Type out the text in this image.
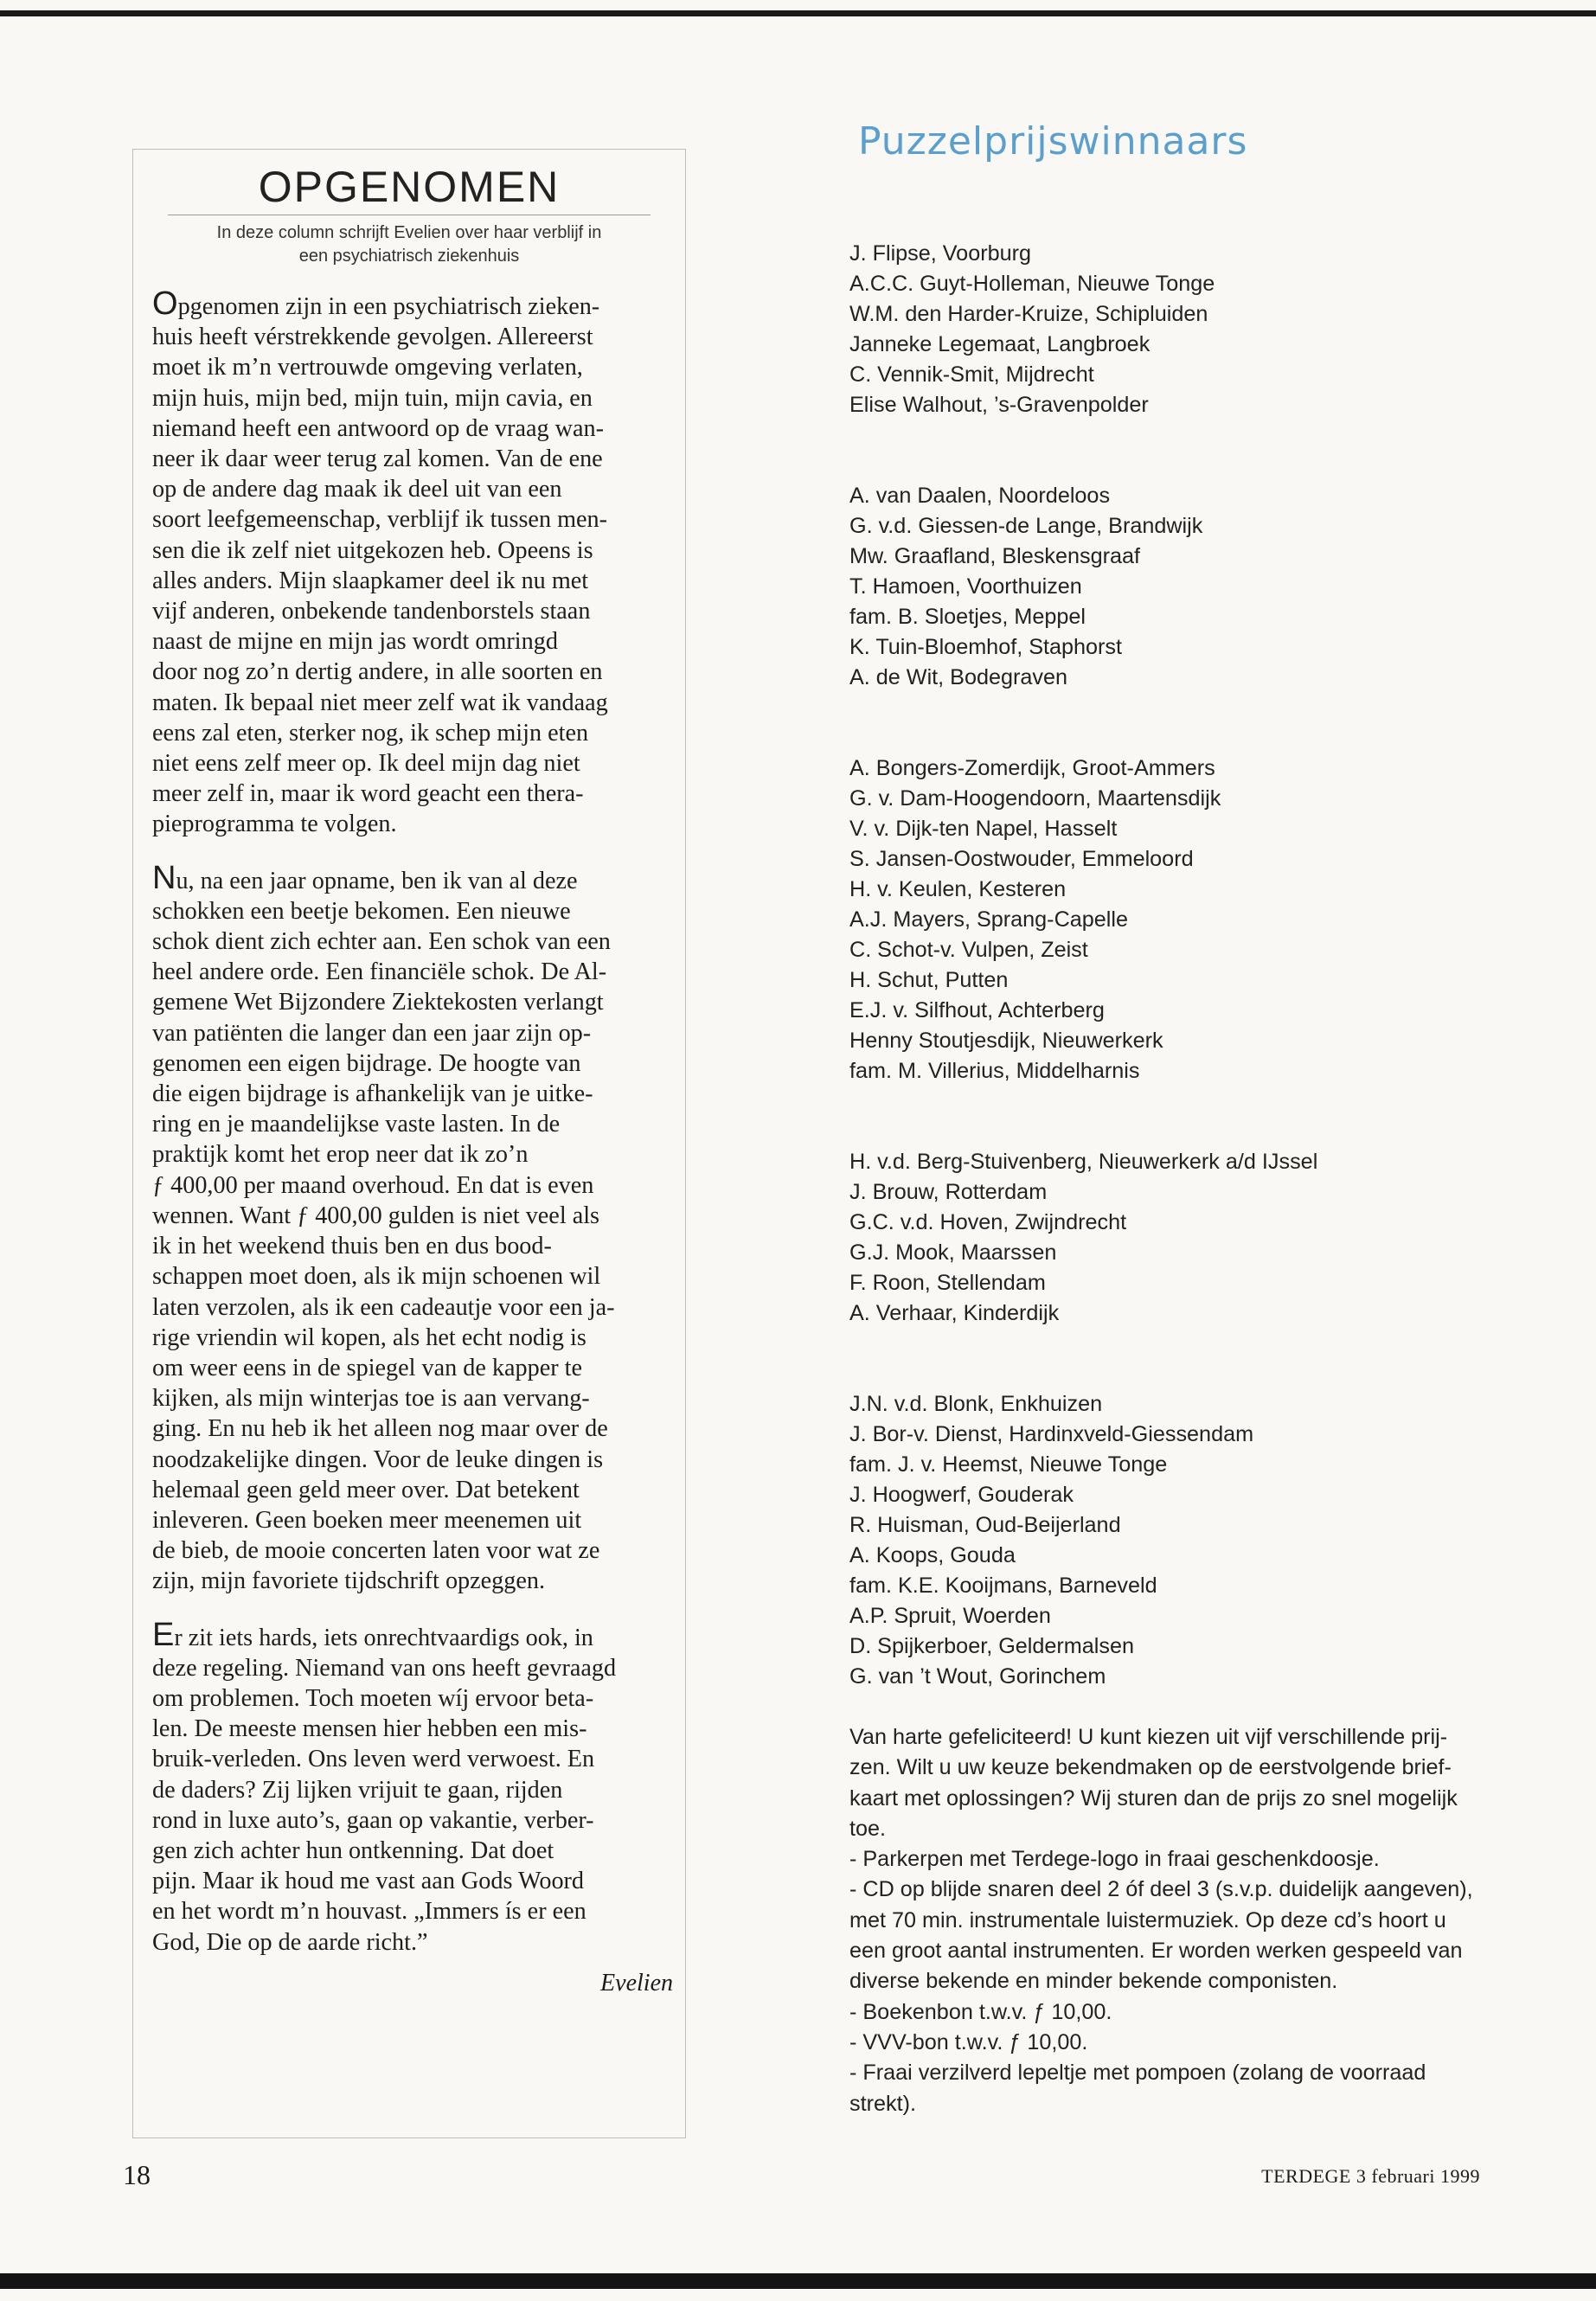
OPGENOMEN
In deze column schrijft Evelien over haar verblijf in
een psychiatrisch ziekenhuis
Opgenomen zijn in een psychiatrisch zieken-
huis heeft vérstrekkende gevolgen. Allereerst
moet ik m’n vertrouwde omgeving verlaten,
mijn huis, mijn bed, mijn tuin, mijn cavia, en
niemand heeft een antwoord op de vraag wan-
neer ik daar weer terug zal komen. Van de ene
op de andere dag maak ik deel uit van een
soort leefgemeenschap, verblijf ik tussen men-
sen die ik zelf niet uitgekozen heb. Opeens is
alles anders. Mijn slaapkamer deel ik nu met
vijf anderen, onbekende tandenborstels staan
naast de mijne en mijn jas wordt omringd
door nog zo’n dertig andere, in alle soorten en
maten. Ik bepaal niet meer zelf wat ik vandaag
eens zal eten, sterker nog, ik schep mijn eten
niet eens zelf meer op. Ik deel mijn dag niet
meer zelf in, maar ik word geacht een thera-
pieprogramma te volgen.
Nu, na een jaar opname, ben ik van al deze
schokken een beetje bekomen. Een nieuwe
schok dient zich echter aan. Een schok van een
heel andere orde. Een financiële schok. De Al-
gemene Wet Bijzondere Ziektekosten verlangt
van patiënten die langer dan een jaar zijn op-
genomen een eigen bijdrage. De hoogte van
die eigen bijdrage is afhankelijk van je uitke-
ring en je maandelijkse vaste lasten. In de
praktijk komt het erop neer dat ik zo’n
ƒ 400,00 per maand overhoud. En dat is even
wennen. Want ƒ 400,00 gulden is niet veel als
ik in het weekend thuis ben en dus bood-
schappen moet doen, als ik mijn schoenen wil
laten verzolen, als ik een cadeautje voor een ja-
rige vriendin wil kopen, als het echt nodig is
om weer eens in de spiegel van de kapper te
kijken, als mijn winterjas toe is aan vervang-
ging. En nu heb ik het alleen nog maar over de
noodzakelijke dingen. Voor de leuke dingen is
helemaal geen geld meer over. Dat betekent
inleveren. Geen boeken meer meenemen uit
de bieb, de mooie concerten laten voor wat ze
zijn, mijn favoriete tijdschrift opzeggen.
Er zit iets hards, iets onrechtvaardigs ook, in
deze regeling. Niemand van ons heeft gevraagd
om problemen. Toch moeten wíj ervoor beta-
len. De meeste mensen hier hebben een mis-
bruik-verleden. Ons leven werd verwoest. En
de daders? Zij lijken vrijuit te gaan, rijden
rond in luxe auto’s, gaan op vakantie, verber-
gen zich achter hun ontkenning. Dat doet
pijn. Maar ik houd me vast aan Gods Woord
en het wordt m’n houvast. „Immers ís er een
God, Die op de aarde richt.”
Evelien
Puzzelprijswinnaars
J. Flipse, Voorburg
A.C.C. Guyt-Holleman, Nieuwe Tonge
W.M. den Harder-Kruize, Schipluiden
Janneke Legemaat, Langbroek
C. Vennik-Smit, Mijdrecht
Elise Walhout, ’s-Gravenpolder
A. van Daalen, Noordeloos
G. v.d. Giessen-de Lange, Brandwijk
Mw. Graafland, Bleskensgraaf
T. Hamoen, Voorthuizen
fam. B. Sloetjes, Meppel
K. Tuin-Bloemhof, Staphorst
A. de Wit, Bodegraven
A. Bongers-Zomerdijk, Groot-Ammers
G. v. Dam-Hoogendoorn, Maartensdijk
V. v. Dijk-ten Napel, Hasselt
S. Jansen-Oostwouder, Emmeloord
H. v. Keulen, Kesteren
A.J. Mayers, Sprang-Capelle
C. Schot-v. Vulpen, Zeist
H. Schut, Putten
E.J. v. Silfhout, Achterberg
Henny Stoutjesdijk, Nieuwerkerk
fam. M. Villerius, Middelharnis
H. v.d. Berg-Stuivenberg, Nieuwerkerk a/d IJssel
J. Brouw, Rotterdam
G.C. v.d. Hoven, Zwijndrecht
G.J. Mook, Maarssen
F. Roon, Stellendam
A. Verhaar, Kinderdijk
J.N. v.d. Blonk, Enkhuizen
J. Bor-v. Dienst, Hardinxveld-Giessendam
fam. J. v. Heemst, Nieuwe Tonge
J. Hoogwerf, Gouderak
R. Huisman, Oud-Beijerland
A. Koops, Gouda
fam. K.E. Kooijmans, Barneveld
A.P. Spruit, Woerden
D. Spijkerboer, Geldermalsen
G. van ’t Wout, Gorinchem
Van harte gefeliciteerd! U kunt kiezen uit vijf verschillende prij-
zen. Wilt u uw keuze bekendmaken op de eerstvolgende brief-
kaart met oplossingen? Wij sturen dan de prijs zo snel mogelijk
toe.
- Parkerpen met Terdege-logo in fraai geschenkdoosje.
- CD op blijde snaren deel 2 óf deel 3 (s.v.p. duidelijk aangeven),
met 70 min. instrumentale luistermuziek. Op deze cd’s hoort u
een groot aantal instrumenten. Er worden werken gespeeld van
diverse bekende en minder bekende componisten.
- Boekenbon t.w.v. ƒ 10,00.
- VVV-bon t.w.v. ƒ 10,00.
- Fraai verzilverd lepeltje met pompoen (zolang de voorraad
strekt).
18	TERDEGE 3 februari 1999
